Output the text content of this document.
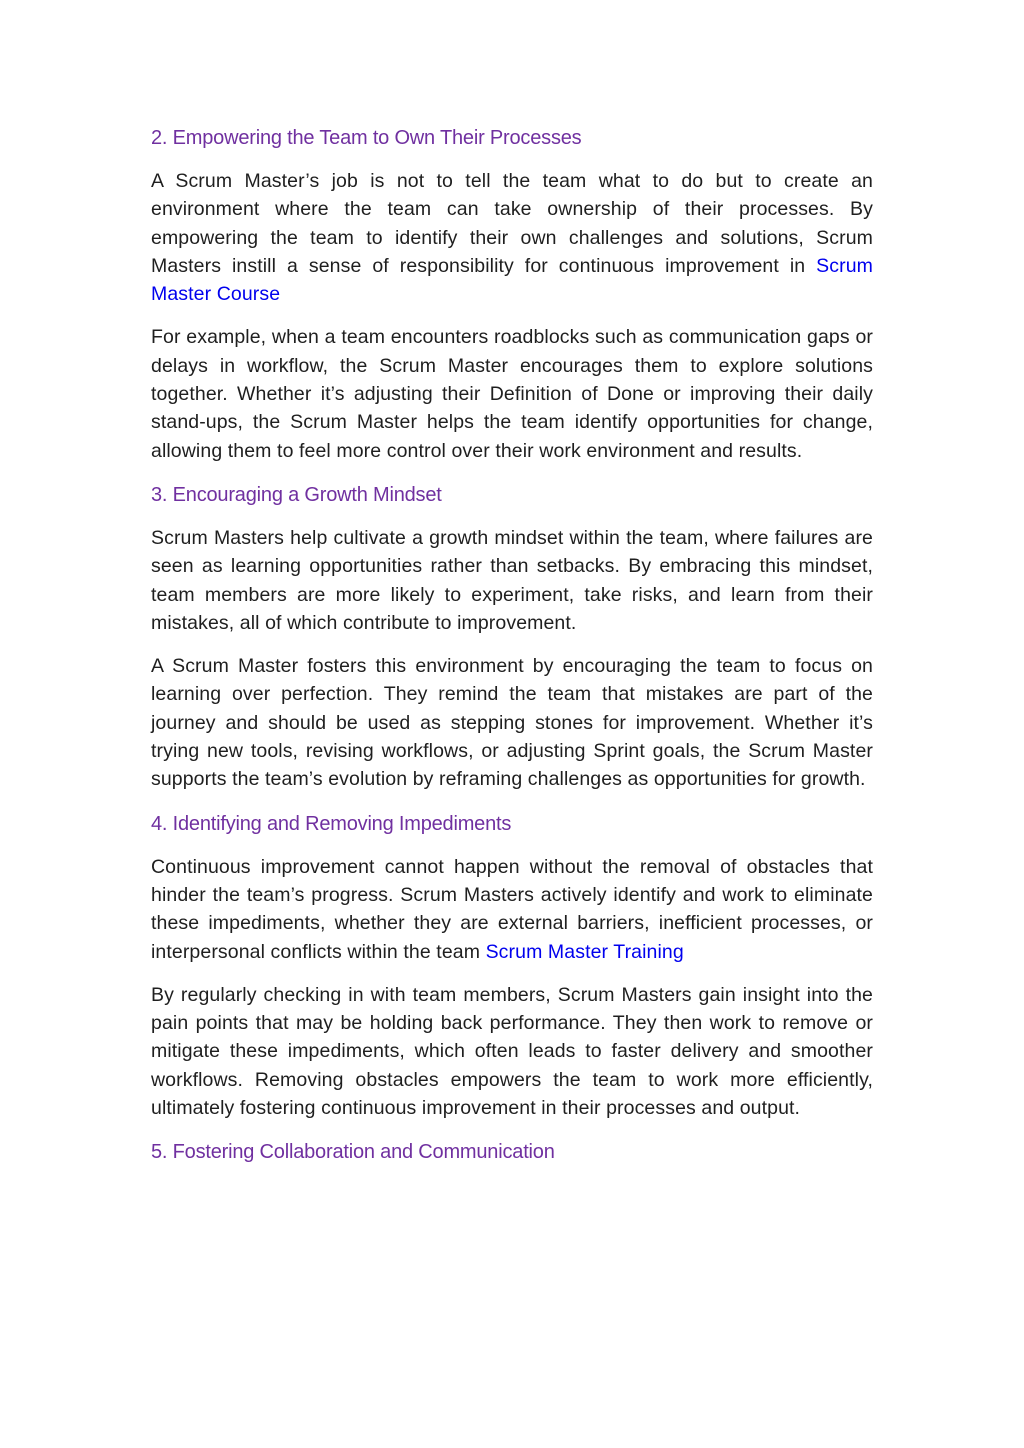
2. Empowering the Team to Own Their Processes

A Scrum Master’s job is not to tell the team what to do but to create an environment where the team can take ownership of their processes. By empowering the team to identify their own challenges and solutions, Scrum Masters instill a sense of responsibility for continuous improvement in Scrum Master Course

For example, when a team encounters roadblocks such as communication gaps or delays in workflow, the Scrum Master encourages them to explore solutions together. Whether it’s adjusting their Definition of Done or improving their daily stand-ups, the Scrum Master helps the team identify opportunities for change, allowing them to feel more control over their work environment and results.

3. Encouraging a Growth Mindset

Scrum Masters help cultivate a growth mindset within the team, where failures are seen as learning opportunities rather than setbacks. By embracing this mindset, team members are more likely to experiment, take risks, and learn from their mistakes, all of which contribute to improvement.

A Scrum Master fosters this environment by encouraging the team to focus on learning over perfection. They remind the team that mistakes are part of the journey and should be used as stepping stones for improvement. Whether it’s trying new tools, revising workflows, or adjusting Sprint goals, the Scrum Master supports the team’s evolution by reframing challenges as opportunities for growth.

4. Identifying and Removing Impediments

Continuous improvement cannot happen without the removal of obstacles that hinder the team’s progress. Scrum Masters actively identify and work to eliminate these impediments, whether they are external barriers, inefficient processes, or interpersonal conflicts within the team Scrum Master Training

By regularly checking in with team members, Scrum Masters gain insight into the pain points that may be holding back performance. They then work to remove or mitigate these impediments, which often leads to faster delivery and smoother workflows. Removing obstacles empowers the team to work more efficiently, ultimately fostering continuous improvement in their processes and output.

5. Fostering Collaboration and Communication
